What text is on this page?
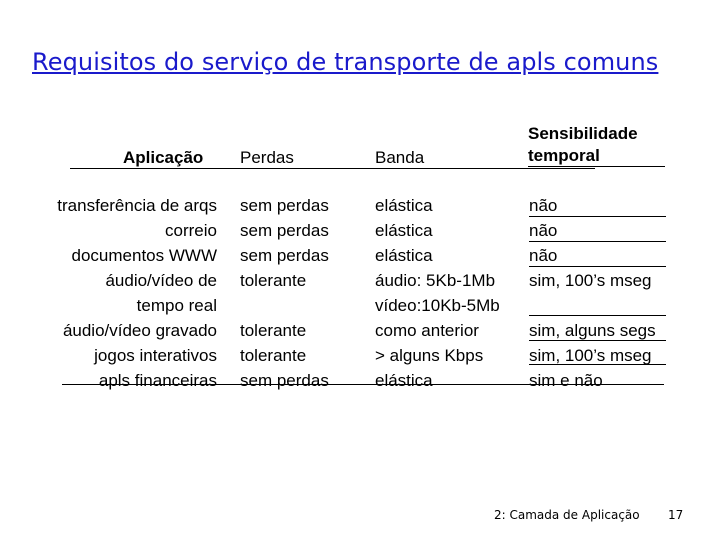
Requisitos do serviço de transporte de apls comuns
Aplicação Perdas	Banda
Sensibilidade
temporal
transferência de arqs
correio
documentos WWW
áudio/vídeo de
tempo real
áudio/vídeo gravado
jogos interativos
apls financeiras
sem perdas
sem perdas
sem perdas
tolerante
tolerante
tolerante
sem perdas
elástica
elástica
elástica
áudio: 5Kb-1Mb
vídeo:10Kb-5Mb
como anterior
> alguns Kbps
elástica
não
não
não
sim, 100’s mseg
sim, alguns segs
sim, 100’s mseg
sim e não
2: Camada de Aplicação 17
